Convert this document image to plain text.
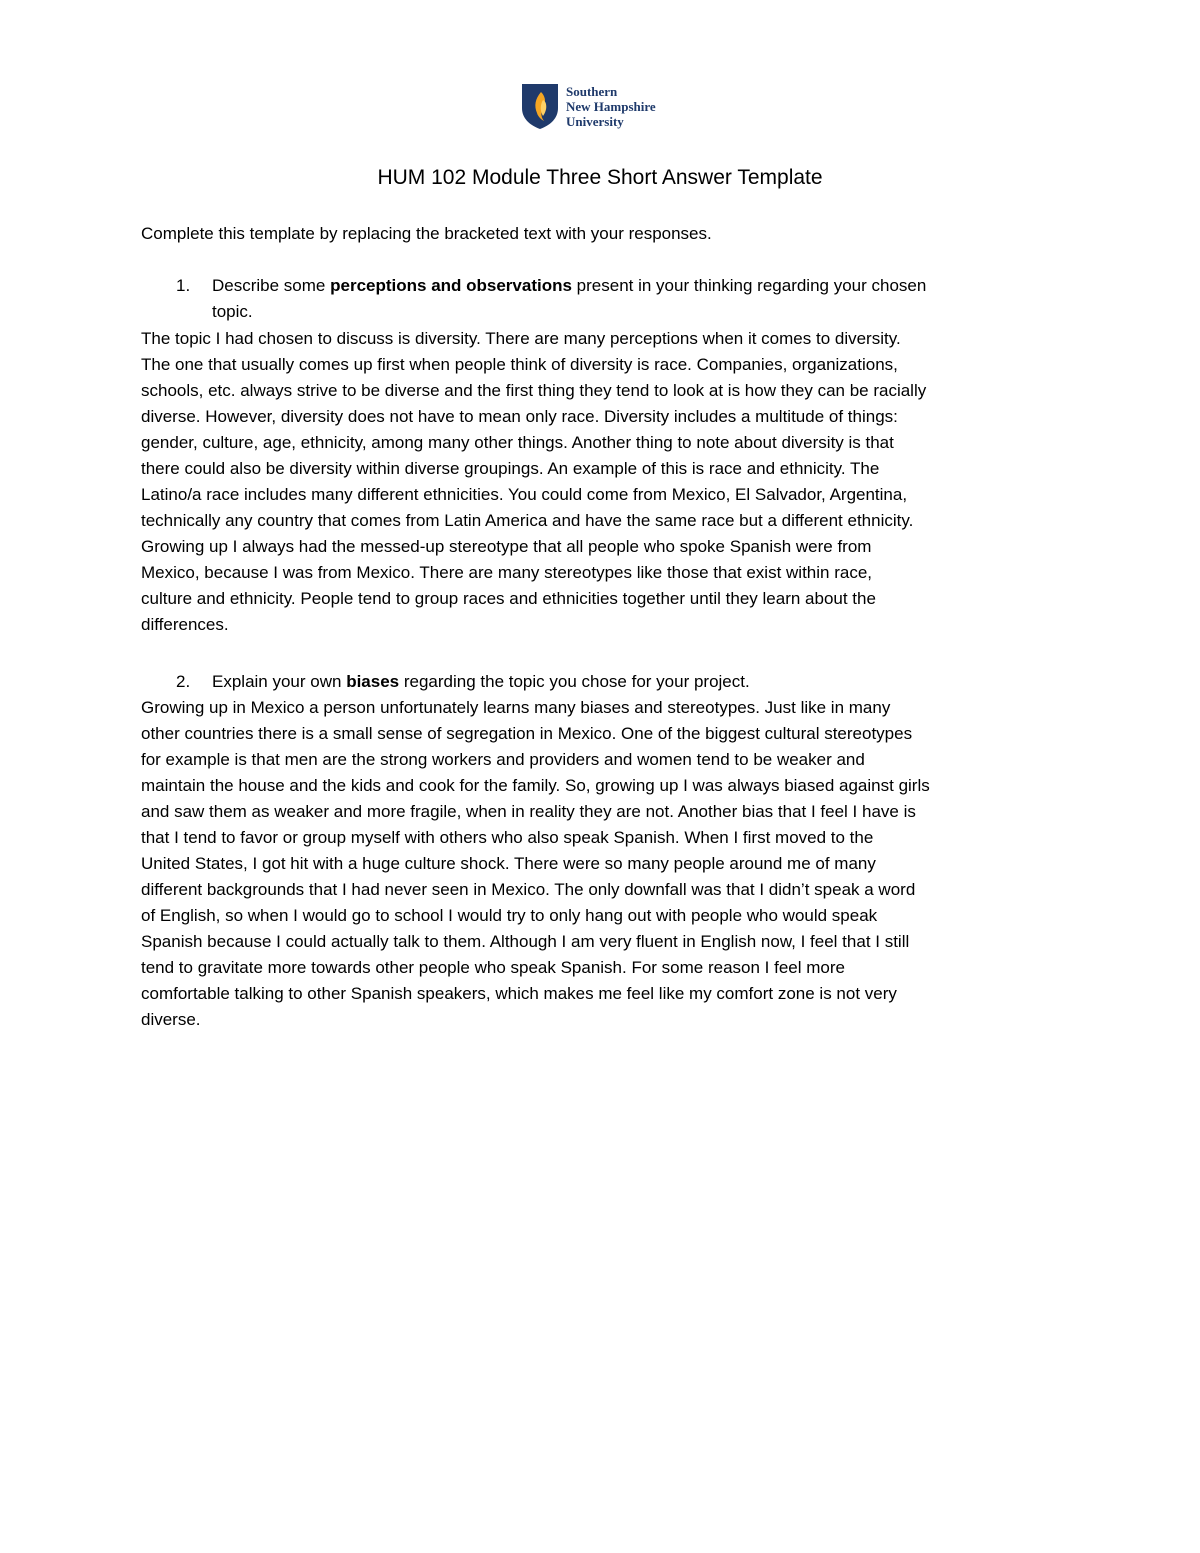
Southern
New Hampshire
University
HUM 102 Module Three Short Answer Template
Complete this template by replacing the bracketed text with your responses.
1. Describe some perceptions and observations present in your thinking regarding your chosen
topic.
The topic I had chosen to discuss is diversity. There are many perceptions when it comes to diversity.
The one that usually comes up first when people think of diversity is race. Companies, organizations,
schools, etc. always strive to be diverse and the first thing they tend to look at is how they can be racially
diverse. However, diversity does not have to mean only race. Diversity includes a multitude of things:
gender, culture, age, ethnicity, among many other things. Another thing to note about diversity is that
there could also be diversity within diverse groupings. An example of this is race and ethnicity. The
Latino/a race includes many different ethnicities. You could come from Mexico, El Salvador, Argentina,
technically any country that comes from Latin America and have the same race but a different ethnicity.
Growing up I always had the messed-up stereotype that all people who spoke Spanish were from
Mexico, because I was from Mexico. There are many stereotypes like those that exist within race,
culture and ethnicity. People tend to group races and ethnicities together until they learn about the
differences.
2. Explain your own biases regarding the topic you chose for your project.
Growing up in Mexico a person unfortunately learns many biases and stereotypes. Just like in many
other countries there is a small sense of segregation in Mexico. One of the biggest cultural stereotypes
for example is that men are the strong workers and providers and women tend to be weaker and
maintain the house and the kids and cook for the family. So, growing up I was always biased against girls
and saw them as weaker and more fragile, when in reality they are not. Another bias that I feel I have is
that I tend to favor or group myself with others who also speak Spanish. When I first moved to the
United States, I got hit with a huge culture shock. There were so many people around me of many
different backgrounds that I had never seen in Mexico. The only downfall was that I didn’t speak a word
of English, so when I would go to school I would try to only hang out with people who would speak
Spanish because I could actually talk to them. Although I am very fluent in English now, I feel that I still
tend to gravitate more towards other people who speak Spanish. For some reason I feel more
comfortable talking to other Spanish speakers, which makes me feel like my comfort zone is not very
diverse.
